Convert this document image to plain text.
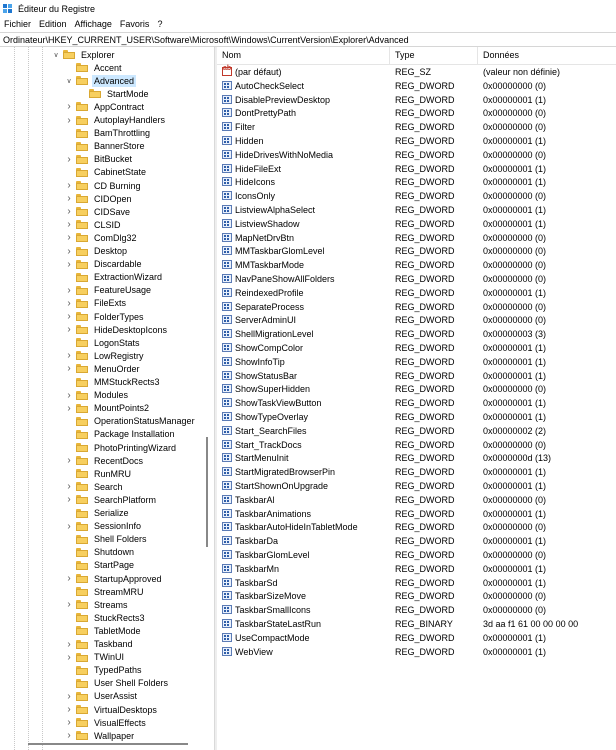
Éditeur du Registre
Fichier Edition Affichage Favoris ?
Ordinateur\HKEY_CURRENT_USER\Software\Microsoft\Windows\CurrentVersion\Explorer\Advanced
∨ Explorer
Accent
∨ Advanced
StartMode
›	AppContract
›	AutoplayHandlers
BamThrottling
BannerStore
›	BitBucket
CabinetState
›	CD Burning
›	CIDOpen
›	CIDSave
›	CLSID
›	ComDlg32
›	Desktop
›	Discardable
ExtractionWizard
›	FeatureUsage
›	FileExts
›	FolderTypes
›	HideDesktopIcons
LogonStats
›	LowRegistry
›	MenuOrder
MMStuckRects3
›	Modules
›	MountPoints2
OperationStatusManager
Package Installation
PhotoPrintingWizard
›	RecentDocs
RunMRU
›	Search
›	SearchPlatform
Serialize
›	SessionInfo
Shell Folders
Shutdown
StartPage
›	StartupApproved
StreamMRU
›	Streams
StuckRects3
TabletMode
›	Taskband
›	TWinUI
TypedPaths
User Shell Folders
›	UserAssist
›	VirtualDesktops
›	VisualEffects
›	Wallpaper
Nom	Type	Données
ab
(par défaut)	REG_SZ	(valeur non définie)
AutoCheckSelect	REG_DWORD	0x00000000 (0)
DisablePreviewDesktop	REG_DWORD	0x00000001 (1)
DontPrettyPath	REG_DWORD	0x00000000 (0)
Filter	REG_DWORD	0x00000000 (0)
Hidden	REG_DWORD	0x00000001 (1)
HideDrivesWithNoMedia	REG_DWORD	0x00000000 (0)
HideFileExt	REG_DWORD	0x00000001 (1)
HideIcons	REG_DWORD	0x00000001 (1)
IconsOnly	REG_DWORD	0x00000000 (0)
ListviewAlphaSelect	REG_DWORD	0x00000001 (1)
ListviewShadow	REG_DWORD	0x00000001 (1)
MapNetDrvBtn	REG_DWORD	0x00000000 (0)
MMTaskbarGlomLevel	REG_DWORD	0x00000000 (0)
MMTaskbarMode	REG_DWORD	0x00000000 (0)
NavPaneShowAllFolders	REG_DWORD	0x00000000 (0)
ReindexedProfile	REG_DWORD	0x00000001 (1)
SeparateProcess	REG_DWORD	0x00000000 (0)
ServerAdminUI	REG_DWORD	0x00000000 (0)
ShellMigrationLevel	REG_DWORD	0x00000003 (3)
ShowCompColor	REG_DWORD	0x00000001 (1)
ShowInfoTip	REG_DWORD	0x00000001 (1)
ShowStatusBar	REG_DWORD	0x00000001 (1)
ShowSuperHidden	REG_DWORD	0x00000000 (0)
ShowTaskViewButton	REG_DWORD	0x00000001 (1)
ShowTypeOverlay	REG_DWORD	0x00000001 (1)
Start_SearchFiles	REG_DWORD	0x00000002 (2)
Start_TrackDocs	REG_DWORD	0x00000000 (0)
StartMenuInit	REG_DWORD	0x0000000d (13)
StartMigratedBrowserPin	REG_DWORD	0x00000001 (1)
StartShownOnUpgrade	REG_DWORD	0x00000001 (1)
TaskbarAl	REG_DWORD	0x00000000 (0)
TaskbarAnimations	REG_DWORD	0x00000001 (1)
TaskbarAutoHideInTabletMode	REG_DWORD	0x00000000 (0)
TaskbarDa	REG_DWORD	0x00000001 (1)
TaskbarGlomLevel	REG_DWORD	0x00000000 (0)
TaskbarMn	REG_DWORD	0x00000001 (1)
TaskbarSd	REG_DWORD	0x00000001 (1)
TaskbarSizeMove	REG_DWORD	0x00000000 (0)
TaskbarSmallIcons	REG_DWORD	0x00000000 (0)
TaskbarStateLastRun	REG_BINARY	3d aa f1 61 00 00 00 00
UseCompactMode	REG_DWORD	0x00000001 (1)
WebView	REG_DWORD	0x00000001 (1)
